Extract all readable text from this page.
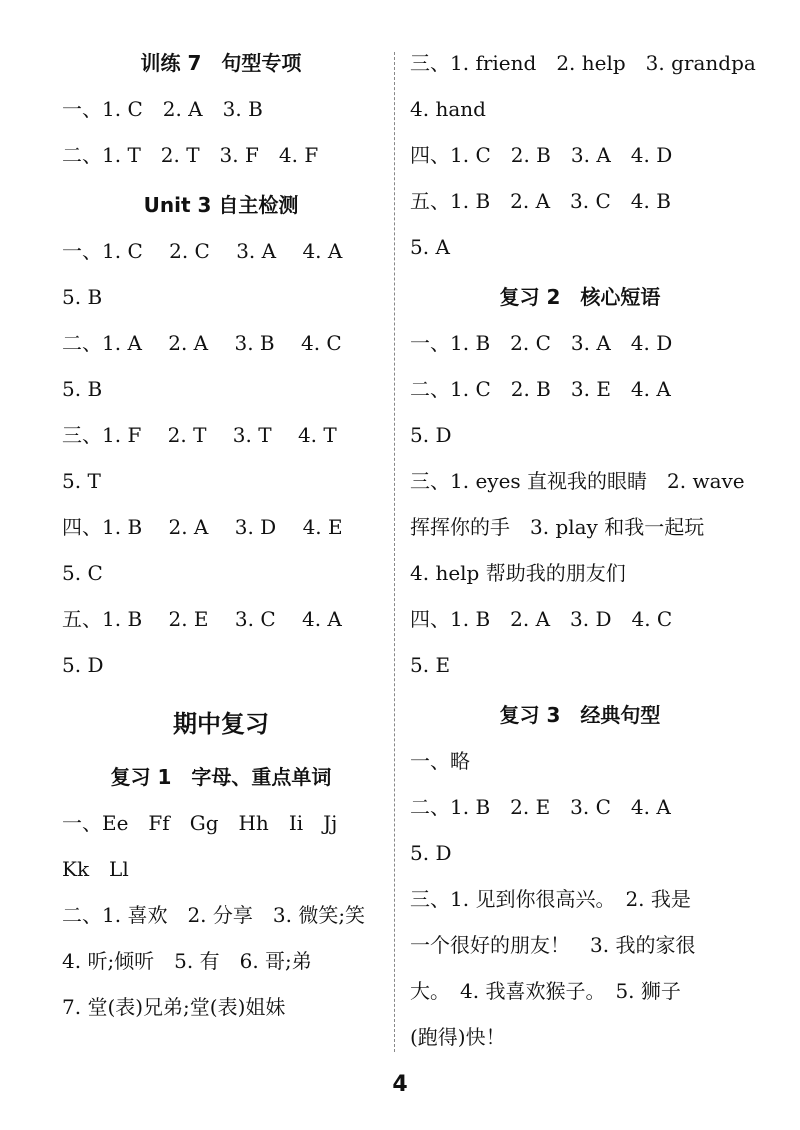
训练 7　句型专项
一、1. C　2. A　3. B
二、1. T　2. T　3. F　4. F
Unit 3 自主检测
一、1. C　 2. C　 3. A　 4. A
5. B
二、1. A　 2. A　 3. B　 4. C
5. B
三、1. F　 2. T　 3. T　 4. T
5. T
四、1. B　 2. A　 3. D　 4. E
5. C
五、1. B　 2. E　 3. C　 4. A
5. D
期中复习
复习 1　字母、重点单词
一、Ee　Ff　Gg　Hh　Ii　Jj
Kk　Ll
二、1. 喜欢　2. 分享　3. 微笑;笑
4. 听;倾听　5. 有　6. 哥;弟
7. 堂(表)兄弟;堂(表)姐妹
三、1. friend　2. help　3. grandpa
4. hand
四、1. C　2. B　3. A　4. D
五、1. B　2. A　3. C　4. B
5. A
复习 2　核心短语
一、1. B　2. C　3. A　4. D
二、1. C　2. B　3. E　4. A
5. D
三、1. eyes 直视我的眼睛　2. wave
挥挥你的手　3. play 和我一起玩
4. help 帮助我的朋友们
四、1. B　2. A　3. D　4. C
5. E
复习 3　经典句型
一、略
二、1. B　2. E　3. C　4. A
5. D
三、1. 见到你很高兴。　2. 我是
一个很好的朋友！　3. 我的家很
大。　4. 我喜欢猴子。　5. 狮子
(跑得)快！
4
